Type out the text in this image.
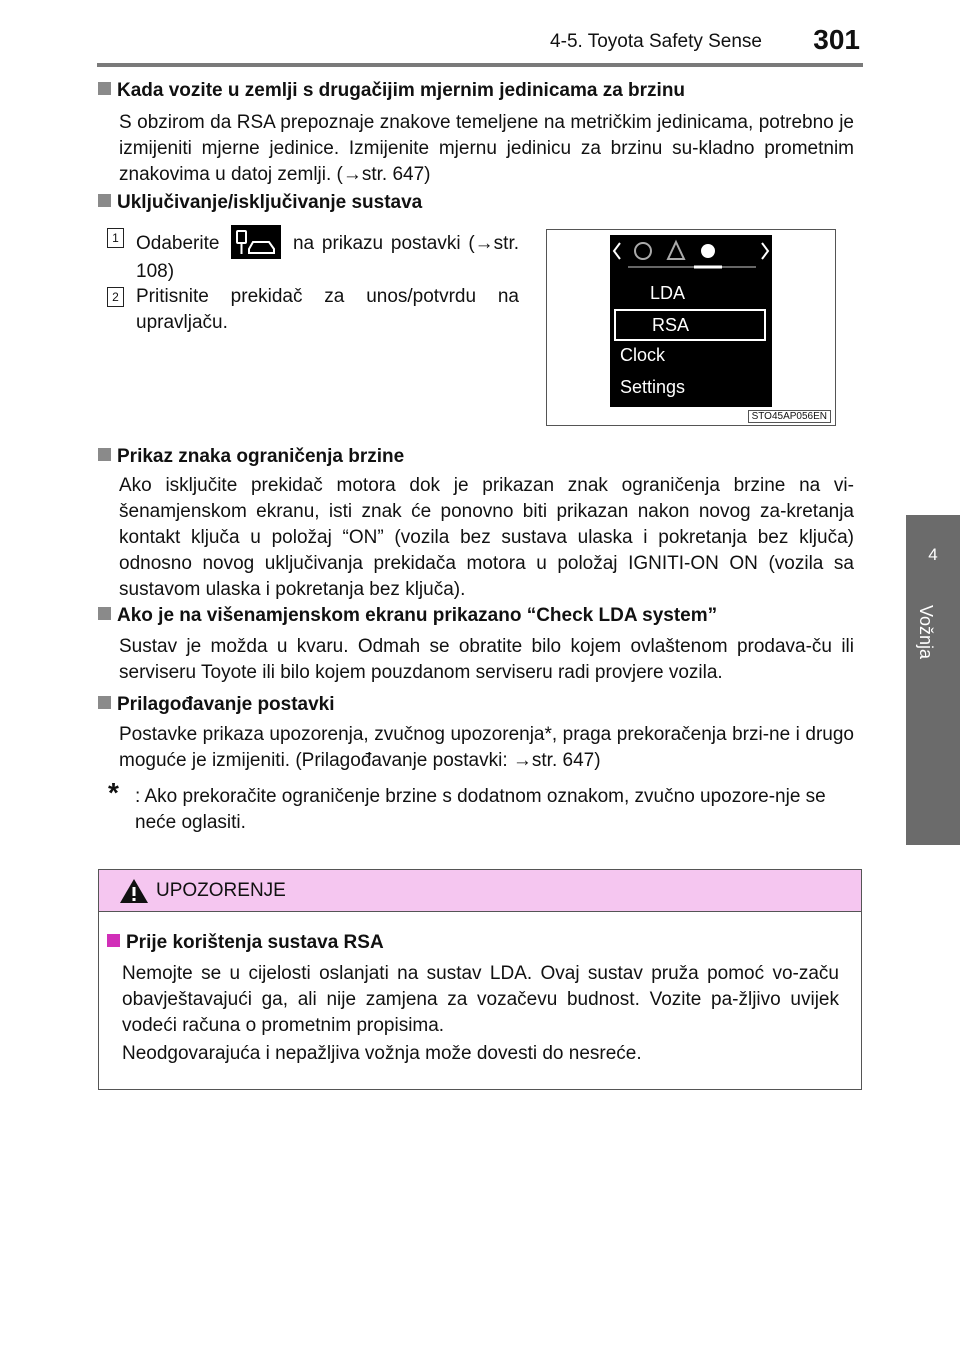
4-5. Toyota Safety Sense 301
4
Vožnja
Kada vozite u zemlji s drugačijim mjernim jedinicama za brzinu
S obzirom da RSA prepoznaje znakove temeljene na metričkim jedinicama, potrebno je izmijeniti mjerne jedinice. Izmijenite mjernu jedinicu za brzinu su-kladno prometnim znakovima u datoj zemlji. (→str. 647)
Uključivanje/isključivanje sustava
1 Odaberite	na prikazu postavki (→str. 108)
2 Pritisnite prekidač za unos/potvrdu na upravljaču.
LDA
RSA
Clock
Settings
STO45AP056EN
Prikaz znaka ograničenja brzine
Ako isključite prekidač motora dok je prikazan znak ograničenja brzine na vi-šenamjenskom ekranu, isti znak će ponovno biti prikazan nakon novog za-kretanja kontakt ključa u položaj “ON” (vozila bez sustava ulaska i pokretanja bez ključa) odnosno novog uključivanja prekidača motora u položaj IGNITI-ON ON (vozila sa sustavom ulaska i pokretanja bez ključa).
Ako je na višenamjenskom ekranu prikazano “Check LDA system”
Sustav je možda u kvaru. Odmah se obratite bilo kojem ovlaštenom prodava-ču ili serviseru Toyote ili bilo kojem pouzdanom serviseru radi provjere vozila.
Prilagođavanje postavki
Postavke prikaza upozorenja, zvučnog upozorenja*, praga prekoračenja brzi-ne i drugo moguće je izmijeniti. (Prilagođavanje postavki: →str. 647)
* : Ako prekoračite ograničenje brzine s dodatnom oznakom, zvučno upozore-nje se neće oglasiti.
UPOZORENJE
Prije korištenja sustava RSA
Nemojte se u cijelosti oslanjati na sustav LDA. Ovaj sustav pruža pomoć vo-začu obavještavajući ga, ali nije zamjena za vozačevu budnost. Vozite pa-žljivo uvijek vodeći računa o prometnim propisima.
Neodgovarajuća i nepažljiva vožnja može dovesti do nesreće.
